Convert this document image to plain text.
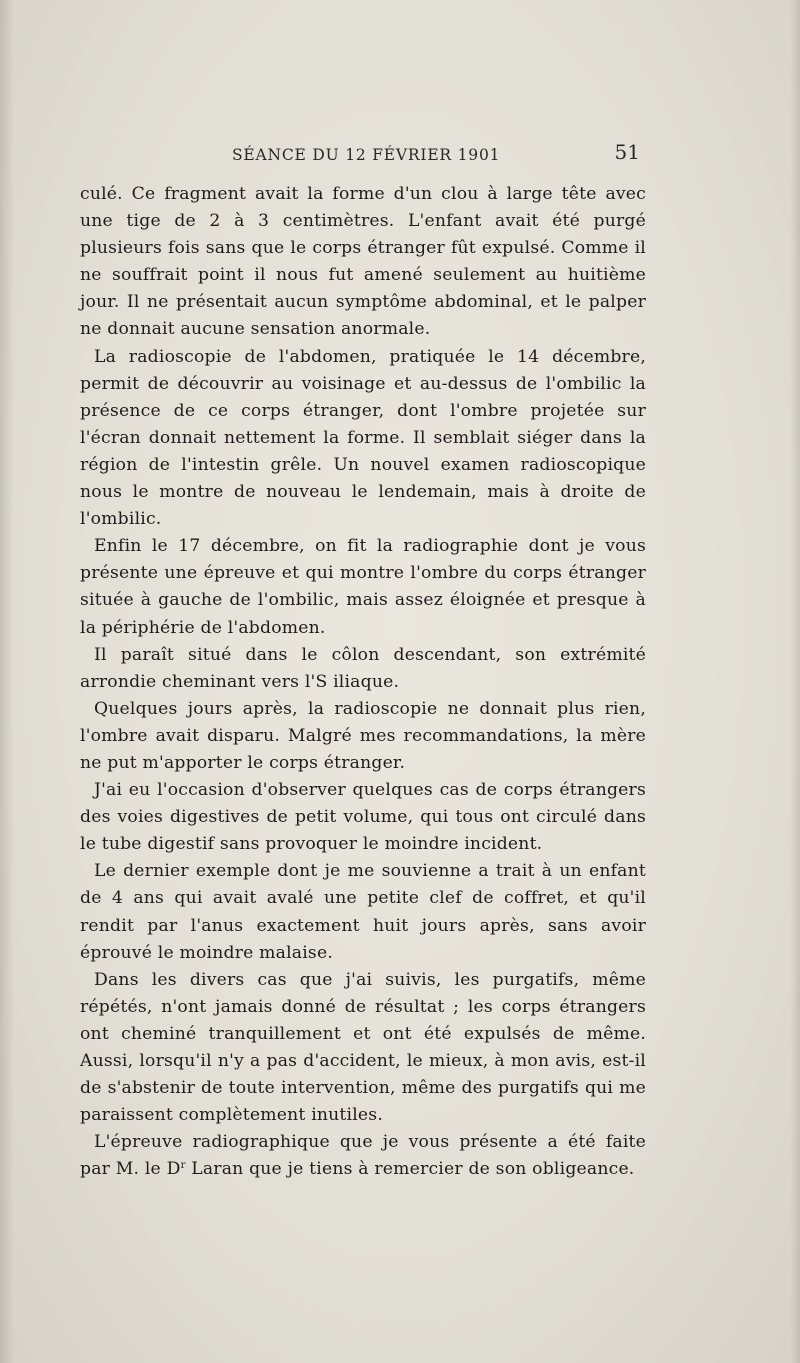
SÉANCE DU 12 FÉVRIER 1901	51

culé. Ce fragment avait la forme d'un clou à large tête avec une tige de 2 à 3 centimètres. L'enfant avait été purgé plusieurs fois sans que le corps étranger fût expulsé. Comme il ne souffrait point il nous fut amené seulement au huitième jour. Il ne présentait aucun symptôme abdominal, et le palper ne donnait aucune sensation anormale.

La radioscopie de l'abdomen, pratiquée le 14 décembre, permit de découvrir au voisinage et au-dessus de l'ombilic la présence de ce corps étranger, dont l'ombre projetée sur l'écran donnait nettement la forme. Il semblait siéger dans la région de l'intestin grêle. Un nouvel examen radioscopique nous le montre de nouveau le lendemain, mais à droite de l'ombilic.

Enfin le 17 décembre, on fit la radiographie dont je vous présente une épreuve et qui montre l'ombre du corps étranger située à gauche de l'ombilic, mais assez éloignée et presque à la périphérie de l'abdomen.

Il paraît situé dans le côlon descendant, son extrémité arrondie cheminant vers l'S iliaque.

Quelques jours après, la radioscopie ne donnait plus rien, l'ombre avait disparu. Malgré mes recommandations, la mère ne put m'apporter le corps étranger.

J'ai eu l'occasion d'observer quelques cas de corps étrangers des voies digestives de petit volume, qui tous ont circulé dans le tube digestif sans provoquer le moindre incident.

Le dernier exemple dont je me souvienne a trait à un enfant de 4 ans qui avait avalé une petite clef de coffret, et qu'il rendit par l'anus exactement huit jours après, sans avoir éprouvé le moindre malaise.

Dans les divers cas que j'ai suivis, les purgatifs, même répétés, n'ont jamais donné de résultat ; les corps étrangers ont cheminé tranquillement et ont été expulsés de même. Aussi, lorsqu'il n'y a pas d'accident, le mieux, à mon avis, est-il de s'abstenir de toute intervention, même des purgatifs qui me paraissent complètement inutiles.

L'épreuve radiographique que je vous présente a été faite par M. le $D^r$ Laran que je tiens à remercier de son obligeance.
